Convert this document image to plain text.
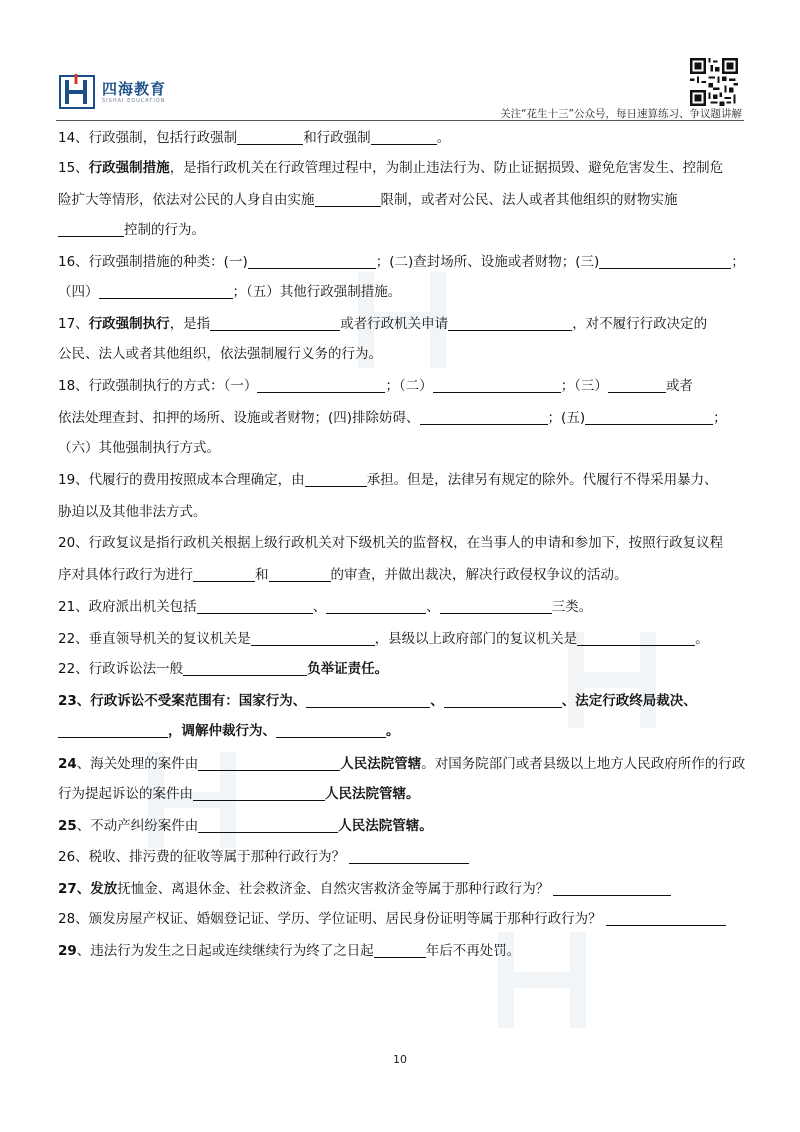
四海教育
SISHAI EDUCATION
关注“花生十三”公众号，每日速算练习、争议题讲解
14、行政强制，包括行政强制	和行政强制	。
15、行政强制措施，是指行政机关在行政管理过程中，为制止违法行为、防止证据损毁、避免危害发生、控制危
险扩大等情形，依法对公民的人身自由实施	限制，或者对公民、法人或者其他组织的财物实施
控制的行为。
16、行政强制措施的种类：(一)	；(二)查封场所、设施或者财物；(三)	；
（四）	；（五）其他行政强制措施。
17、行政强制执行，是指	或者行政机关申请	，对不履行行政决定的
公民、法人或者其他组织，依法强制履行义务的行为。
18、行政强制执行的方式：（一）	；（二）	；（三）	或者
依法处理查封、扣押的场所、设施或者财物；(四)排除妨碍、	；(五)	；
（六）其他强制执行方式。
19、代履行的费用按照成本合理确定，由	承担。但是，法律另有规定的除外。代履行不得采用暴力、
胁迫以及其他非法方式。
20、行政复议是指行政机关根据上级行政机关对下级机关的监督权，在当事人的申请和参加下，按照行政复议程
序对具体行政行为进行	和	的审查，并做出裁决，解决行政侵权争议的活动。
21、政府派出机关包括	、	、	三类。
22、垂直领导机关的复议机关是	，县级以上政府部门的复议机关是	。
22、行政诉讼法一般	负举证责任。
23、行政诉讼不受案范围有：国家行为、	、	、法定行政终局裁决、
，调解仲裁行为、	。
24、海关处理的案件由	人民法院管辖。对国务院部门或者县级以上地方人民政府所作的行政
行为提起诉讼的案件由	人民法院管辖。
25、不动产纠纷案件由	人民法院管辖。
26、税收、排污费的征收等属于那种行政行为？
27、发放抚恤金、离退休金、社会救济金、自然灾害救济金等属于那种行政行为？
28、颁发房屋产权证、婚姻登记证、学历、学位证明、居民身份证明等属于那种行政行为？
29、违法行为发生之日起或连续继续行为终了之日起	年后不再处罚。
10
